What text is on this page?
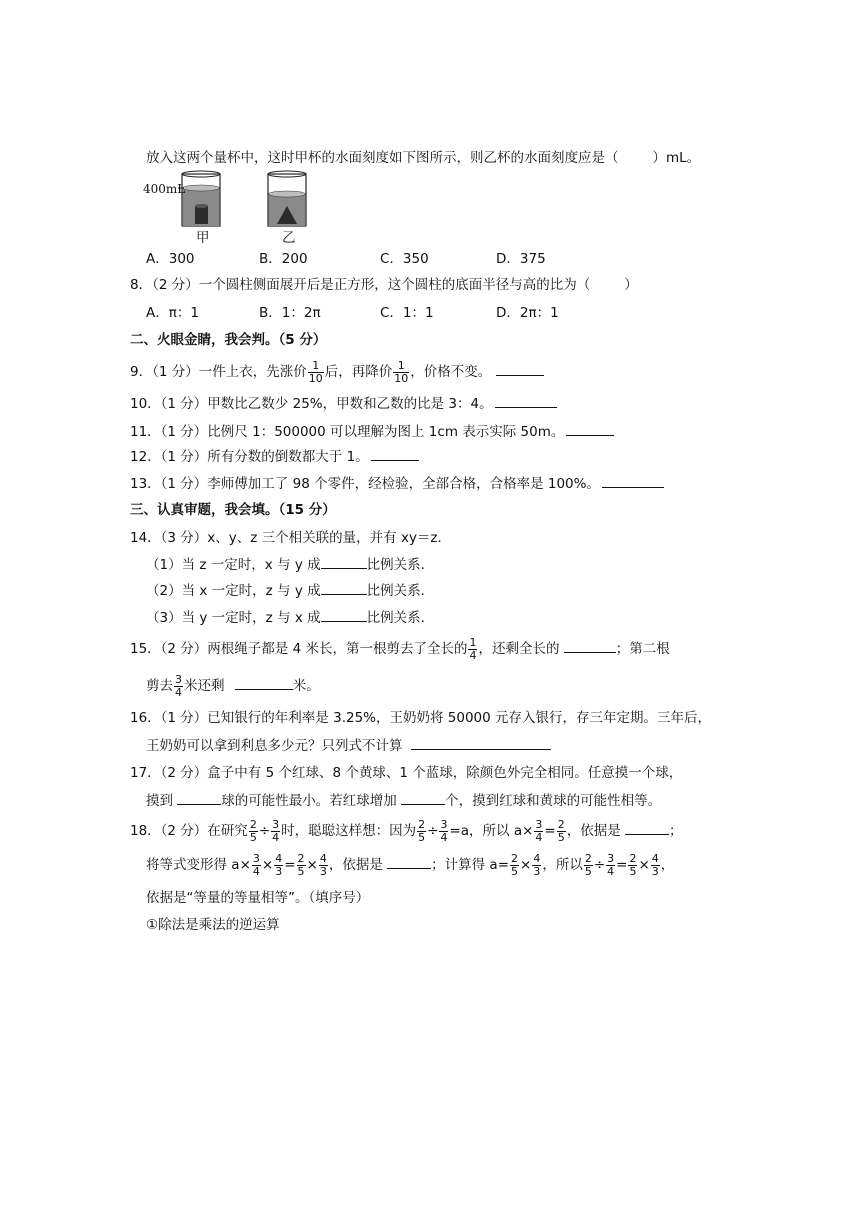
放入这两个量杯中，这时甲杯的水面刻度如下图所示，则乙杯的水面刻度应是（	）mL。
400mL
甲	乙
A．300	B．200	C．350	D．375
8．（2 分）一个圆柱侧面展开后是正方形，这个圆柱的底面半径与高的比为（	）
A．π：1	B．1：2π	C．1：1	D．2π：1
二、火眼金睛，我会判。（5 分）
9．（1 分）一件上衣，先涨价 $\frac{1}{10}$ 后，再降价 $\frac{1}{10}$ ，价格不变。
10．（1 分）甲数比乙数少 25%，甲数和乙数的比是 3：4。
11．（1 分）比例尺 1：500000 可以理解为图上 1cm 表示实际 50m。
12．（1 分）所有分数的倒数都大于 1。
13．（1 分）李师傅加工了 98 个零件，经检验，全部合格，合格率是 100%。
三、认真审题，我会填。（15 分）
14．（3 分）x、y、z 三个相关联的量，并有 xy＝z．
（1）当 z 一定时，x 与 y 成	比例关系．
（2）当 x 一定时，z 与 y 成	比例关系．
（3）当 y 一定时，z 与 x 成	比例关系．
15．（2 分）两根绳子都是 4 米长，第一根剪去了全长的 $\frac{1}{4}$ ，还剩全长的	；第二根
剪去 $\frac{3}{4}$ 米还剩	米。
16．（1 分）已知银行的年利率是 3.25%，王奶奶将 50000 元存入银行，存三年定期。三年后，
王奶奶可以拿到利息多少元？只列式不计算
17．（2 分）盒子中有 5 个红球、8 个黄球、1 个蓝球，除颜色外完全相同。任意摸一个球，
摸到	球的可能性最小。若红球增加	个，摸到红球和黄球的可能性相等。
18．（2 分）在研究 $\frac{2}{5} \div \frac{3}{4}$ 时，聪聪这样想：因为 $\frac{2}{5} \div \frac{3}{4} =a$，所以 $a\times \frac{3}{4} = \frac{2}{5}$ ，依据是	；
将等式变形得 $a\times \frac{3}{4} \times \frac{4}{3} = \frac{2}{5} \times \frac{4}{3}$ ，依据是	；计算得 $a= \frac{2}{5} \times \frac{4}{3}$ ，所以 $\frac{2}{5} \div \frac{3}{4} = \frac{2}{5} \times \frac{4}{3}$ ，
依据是“等量的等量相等”。（填序号）
①除法是乘法的逆运算
